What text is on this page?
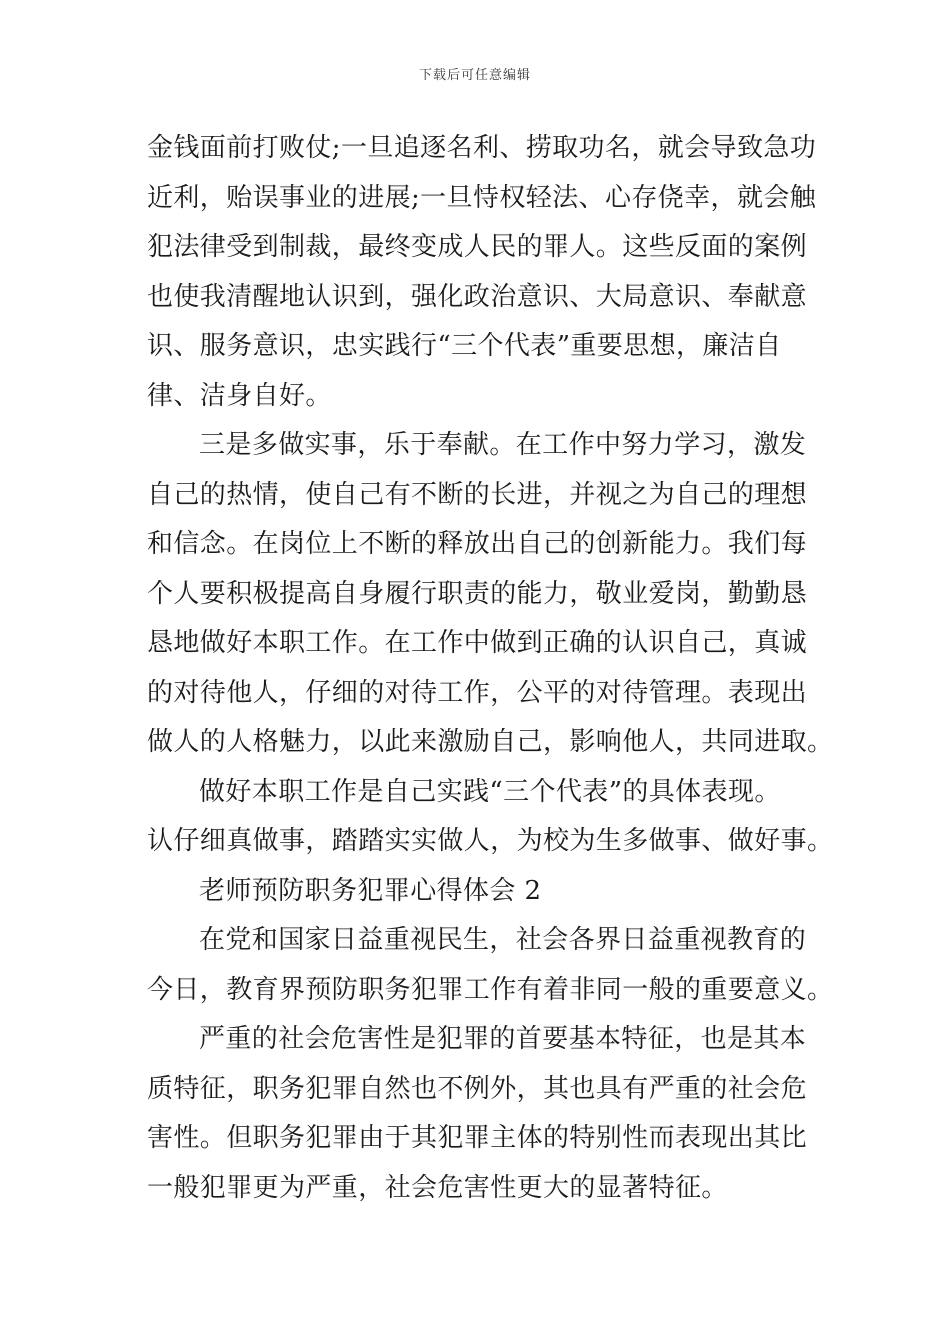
下载后可任意编辑
金钱面前打败仗;一旦追逐名利、捞取功名，就会导致急功
近利，贻误事业的进展;一旦恃权轻法、心存侥幸，就会触
犯法律受到制裁，最终变成人民的罪人。这些反面的案例
也使我清醒地认识到，强化政治意识、大局意识、奉献意
识、服务意识，忠实践行“三个代表”重要思想，廉洁自
律、洁身自好。
三是多做实事，乐于奉献。在工作中努力学习，激发
自己的热情，使自己有不断的长进，并视之为自己的理想
和信念。在岗位上不断的释放出自己的创新能力。我们每
个人要积极提高自身履行职责的能力，敬业爱岗，勤勤恳
恳地做好本职工作。在工作中做到正确的认识自己，真诚
的对待他人，仔细的对待工作，公平的对待管理。表现出
做人的人格魅力，以此来激励自己，影响他人，共同进取。
做好本职工作是自己实践“三个代表”的具体表现。
认仔细真做事，踏踏实实做人，为校为生多做事、做好事。
老师预防职务犯罪心得体会 2
在党和国家日益重视民生，社会各界日益重视教育的
今日，教育界预防职务犯罪工作有着非同一般的重要意义。
严重的社会危害性是犯罪的首要基本特征，也是其本
质特征，职务犯罪自然也不例外，其也具有严重的社会危
害性。但职务犯罪由于其犯罪主体的特别性而表现出其比
一般犯罪更为严重，社会危害性更大的显著特征。
